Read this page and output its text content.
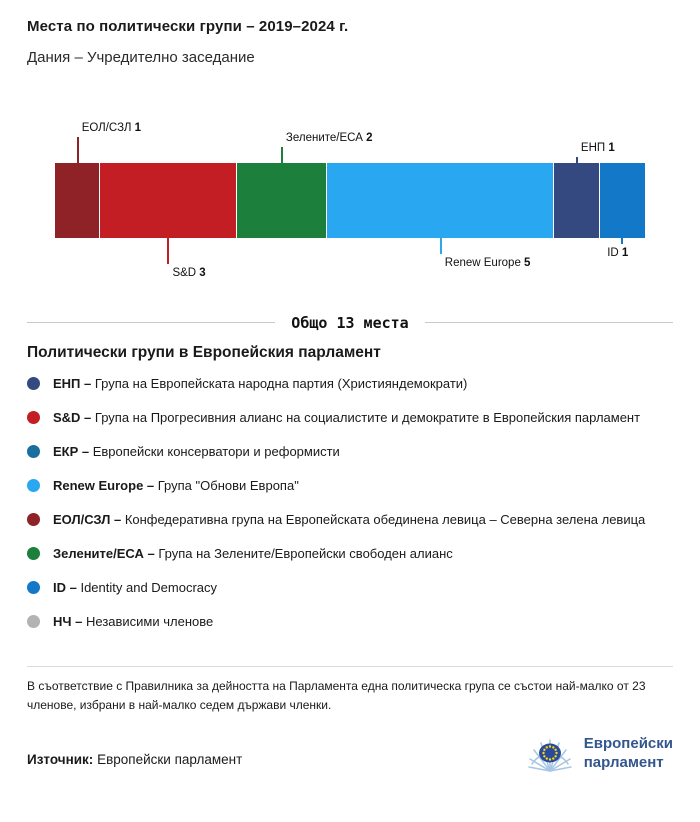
Места по политически групи – 2019–2024 г.
Дания – Учредително заседание
ЕОЛ/СЗЛ 1
S&D 3
Зелените/ЕСА 2
Renew Europe 5
ЕНП 1
ID 1
Общо 13 места
Политически групи в Европейския парламент
ЕНП – Група на Европейската народна партия (Християндемократи)
S&D – Група на Прогресивния алианс на социалистите и демократите в Европейския парламент
ЕКР – Европейски консерватори и реформисти
Renew Europe – Група "Обнови Европа"
ЕОЛ/СЗЛ – Конфедеративна група на Европейската обединена левица – Северна зелена левица
Зелените/ЕСА – Група на Зелените/Европейски свободен алианс
ID – Identity and Democracy
НЧ – Независими членове

В съответствие с Правилника за дейността на Парламента една политическа група се състои най-малко от 23 членове, избрани в най-малко седем държави членки.

Източник: Европейски парламент

Европейски
парламент
